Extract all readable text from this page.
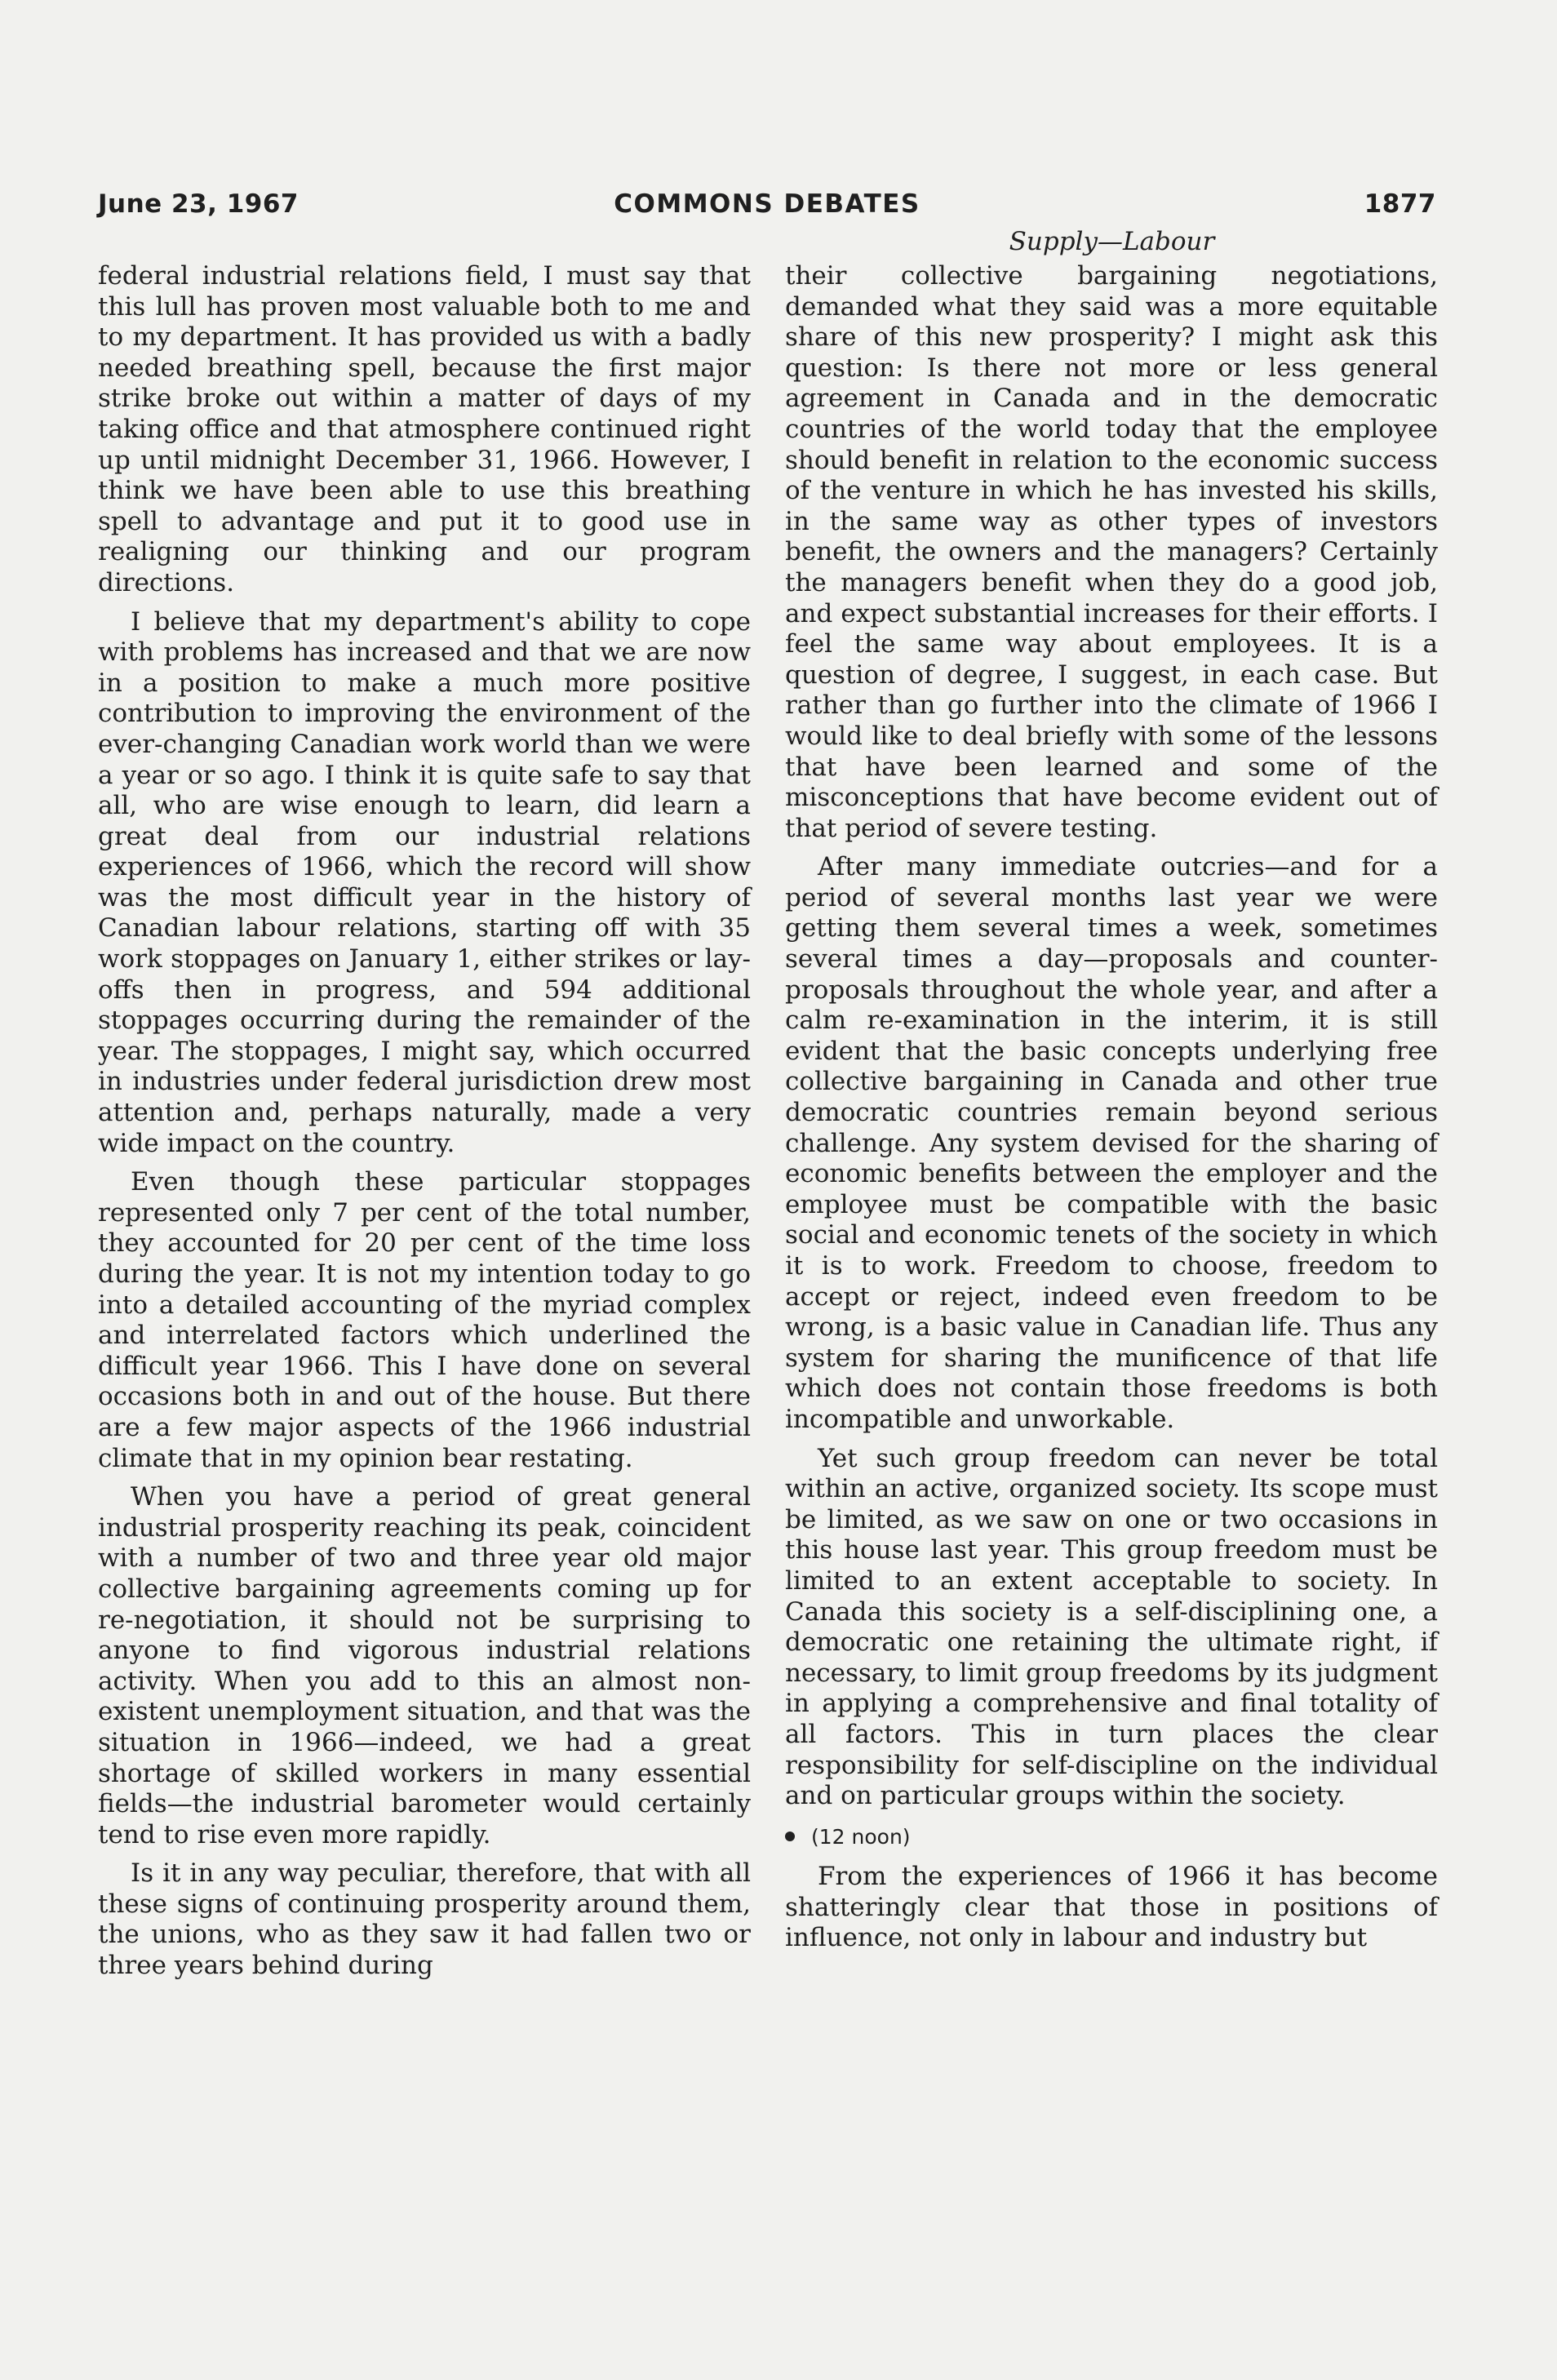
June 23, 1967	COMMONS DEBATES	1877
Supply—Labour

federal industrial relations field, I must say that this lull has proven most valuable both to me and to my department. It has provided us with a badly needed breathing spell, because the first major strike broke out within a matter of days of my taking office and that atmosphere continued right up until midnight December 31, 1966. However, I think we have been able to use this breathing spell to advantage and put it to good use in realigning our thinking and our program directions.

I believe that my department's ability to cope with problems has increased and that we are now in a position to make a much more positive contribution to improving the environment of the ever-changing Canadian work world than we were a year or so ago. I think it is quite safe to say that all, who are wise enough to learn, did learn a great deal from our industrial relations experiences of 1966, which the record will show was the most difficult year in the history of Canadian labour relations, starting off with 35 work stoppages on January 1, either strikes or lay-offs then in progress, and 594 additional stoppages occurring during the remainder of the year. The stoppages, I might say, which occurred in industries under federal jurisdiction drew most attention and, perhaps naturally, made a very wide impact on the country.

Even though these particular stoppages represented only 7 per cent of the total number, they accounted for 20 per cent of the time loss during the year. It is not my intention today to go into a detailed accounting of the myriad complex and interrelated factors which underlined the difficult year 1966. This I have done on several occasions both in and out of the house. But there are a few major aspects of the 1966 industrial climate that in my opinion bear restating.

When you have a period of great general industrial prosperity reaching its peak, coincident with a number of two and three year old major collective bargaining agreements coming up for re-negotiation, it should not be surprising to anyone to find vigorous industrial relations activity. When you add to this an almost non-existent unemployment situation, and that was the situation in 1966—indeed, we had a great shortage of skilled workers in many essential fields—the industrial barometer would certainly tend to rise even more rapidly.

Is it in any way peculiar, therefore, that with all these signs of continuing prosperity around them, the unions, who as they saw it had fallen two or three years behind during

their collective bargaining negotiations, demanded what they said was a more equitable share of this new prosperity? I might ask this question: Is there not more or less general agreement in Canada and in the democratic countries of the world today that the employee should benefit in relation to the economic success of the venture in which he has invested his skills, in the same way as other types of investors benefit, the owners and the managers? Certainly the managers benefit when they do a good job, and expect substantial increases for their efforts. I feel the same way about employees. It is a question of degree, I suggest, in each case. But rather than go further into the climate of 1966 I would like to deal briefly with some of the lessons that have been learned and some of the misconceptions that have become evident out of that period of severe testing.

After many immediate outcries—and for a period of several months last year we were getting them several times a week, sometimes several times a day—proposals and counter-proposals throughout the whole year, and after a calm re-examination in the interim, it is still evident that the basic concepts underlying free collective bargaining in Canada and other true democratic countries remain beyond serious challenge. Any system devised for the sharing of economic benefits between the employer and the employee must be compatible with the basic social and economic tenets of the society in which it is to work. Freedom to choose, freedom to accept or reject, indeed even freedom to be wrong, is a basic value in Canadian life. Thus any system for sharing the munificence of that life which does not contain those freedoms is both incompatible and unworkable.

Yet such group freedom can never be total within an active, organized society. Its scope must be limited, as we saw on one or two occasions in this house last year. This group freedom must be limited to an extent acceptable to society. In Canada this society is a self-disciplining one, a democratic one retaining the ultimate right, if necessary, to limit group freedoms by its judgment in applying a comprehensive and final totality of all factors. This in turn places the clear responsibility for self-discipline on the individual and on particular groups within the society.

(12 noon)

From the experiences of 1966 it has become shatteringly clear that those in positions of influence, not only in labour and industry but
